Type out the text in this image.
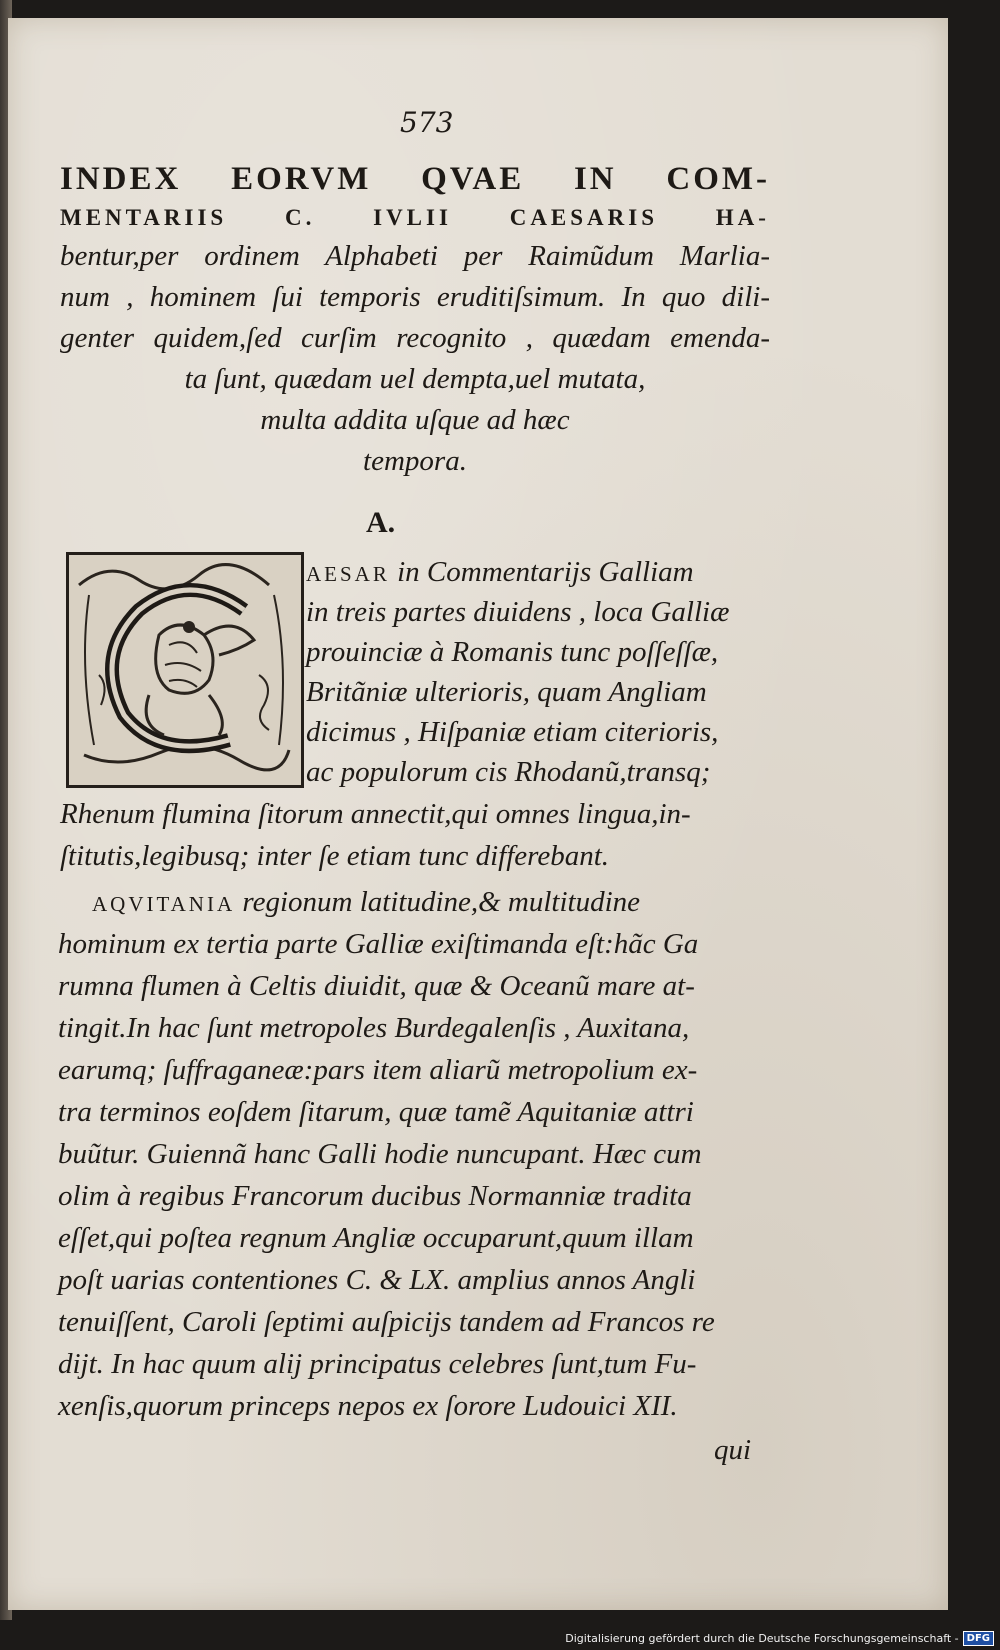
573
INDEX EORVM QVAE IN COM-
MENTARIIS	C.	IVLII	CAESARIS	HA-
bentur,per ordinem Alphabeti per Raimũdum Marlia-
num , hominem ſui temporis eruditiſsimum. In quo dili-
genter quidem,ſed curſim recognito , quædam emenda-
ta ſunt, quædam uel dempta,uel mutata,
multa addita uſque ad hæc
tempora.
A.
AESAR in Commentarijs Galliam
in treis partes diuidens , loca Galliæ
prouinciæ à Romanis tunc poſſeſſæ,
Britãniæ ulterioris, quam Angliam
dicimus , Hiſpaniæ etiam citerioris,
ac populorum cis Rhodanũ,transq;
Rhenum flumina ſitorum annectit,qui omnes lingua,in-
ſtitutis,legibusq; inter ſe etiam tunc differebant.
AQVITANIA regionum latitudine,& multitudine
hominum ex tertia parte Galliæ exiſtimanda eſt:hãc Ga
rumna flumen à Celtis diuidit, quæ & Oceanũ mare at-
tingit.In hac ſunt metropoles Burdegalenſis , Auxitana,
earumq; ſuffraganeæ:pars item aliarũ metropolium ex-
tra terminos eoſdem ſitarum, quæ tamẽ Aquitaniæ attri
buũtur. Guiennã hanc Galli hodie nuncupant. Hæc cum
olim à regibus Francorum ducibus Normanniæ tradita
eſſet,qui poſtea regnum Angliæ occuparunt,quum illam
poſt uarias contentiones C. & LX. amplius annos Angli
tenuiſſent, Caroli ſeptimi auſpicijs tandem ad Francos re
dijt. In hac quum alij principatus celebres ſunt,tum Fu-
xenſis,quorum princeps nepos ex ſorore Ludouici XII.
qui
Digitalisierung gefördert durch die Deutsche Forschungsgemeinschaft - DFG
